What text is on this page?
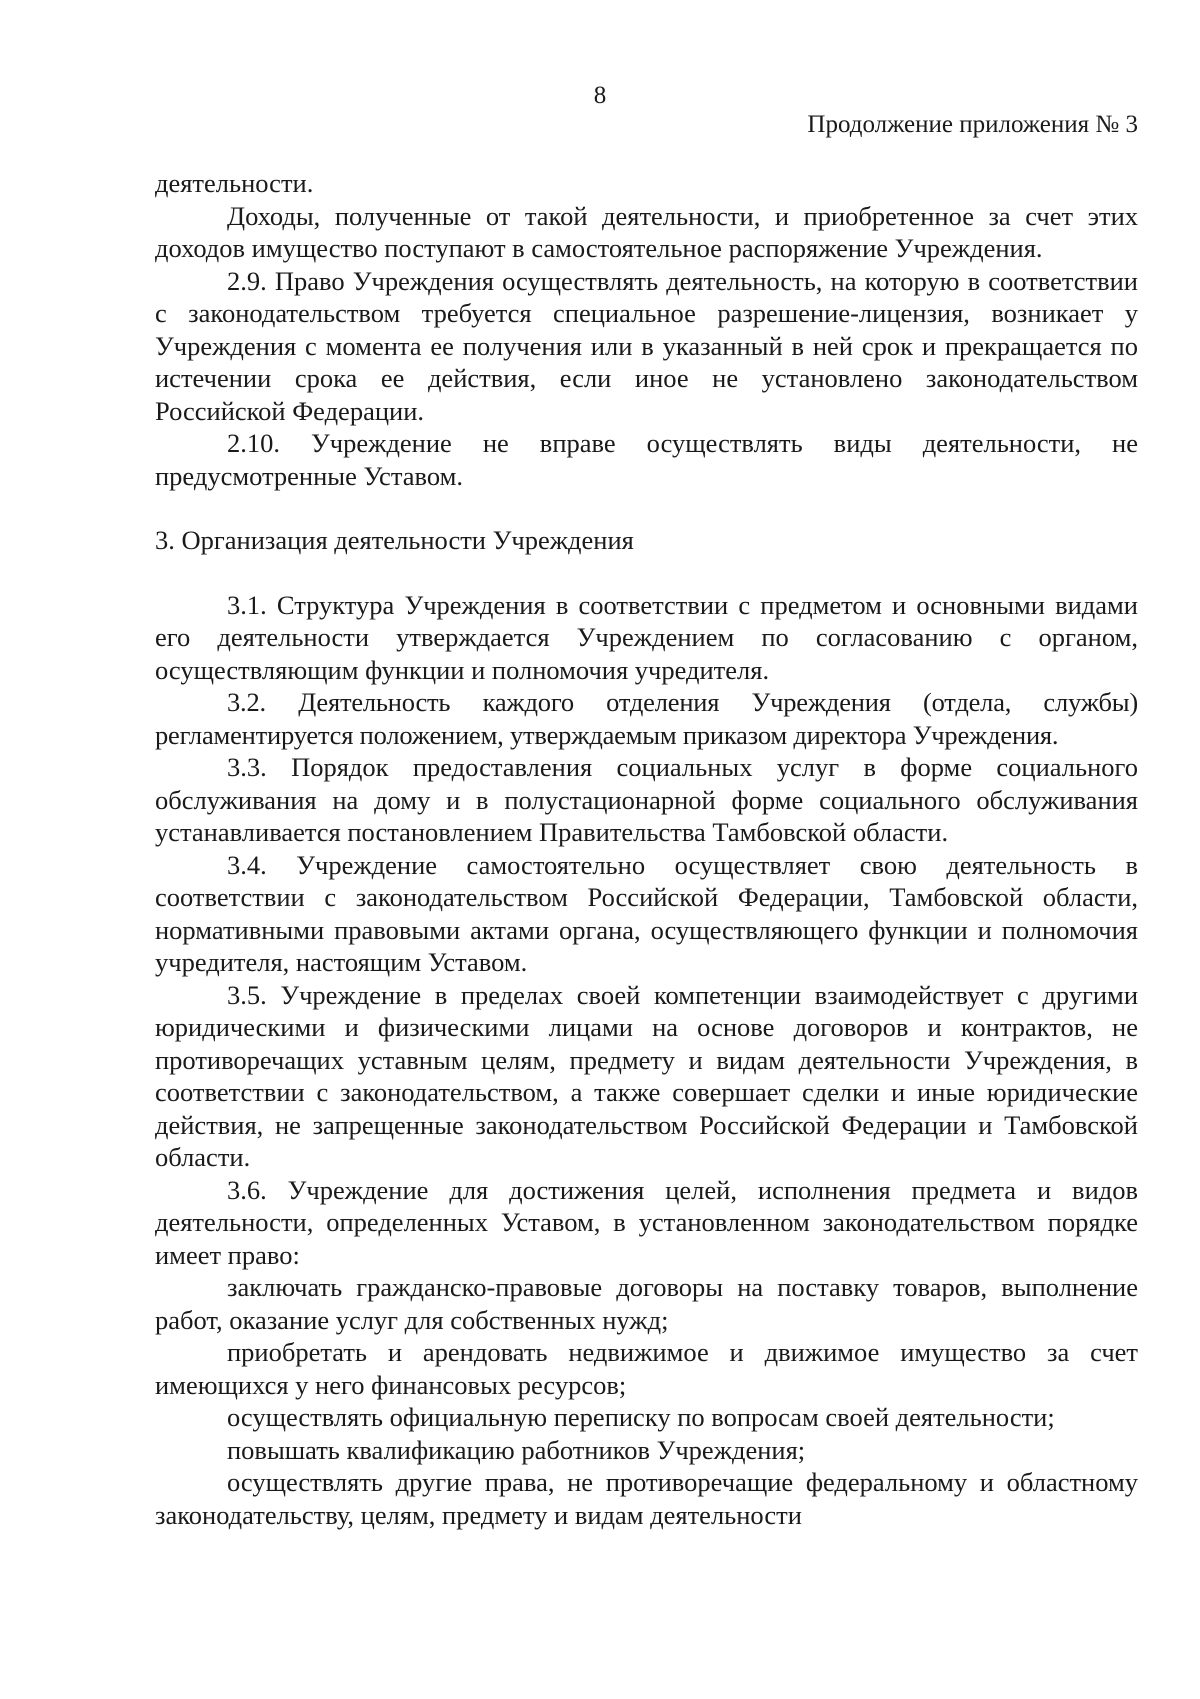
8
Продолжение приложения № 3

деятельности.

Доходы, полученные от такой деятельности, и приобретенное за счет этих доходов имущество поступают в самостоятельное распоряжение Учреждения.

2.9. Право Учреждения осуществлять деятельность, на которую в соответствии с законодательством требуется специальное разрешение-лицензия, возникает у Учреждения с момента ее получения или в указанный в ней срок и прекращается по истечении срока ее действия, если иное не установлено законодательством Российской Федерации.

2.10. Учреждение не вправе осуществлять виды деятельности, не предусмотренные Уставом.

3. Организация деятельности Учреждения

3.1. Структура Учреждения в соответствии с предметом и основными видами его деятельности утверждается Учреждением по согласованию с органом, осуществляющим функции и полномочия учредителя.

3.2. Деятельность каждого отделения Учреждения (отдела, службы) регламентируется положением, утверждаемым приказом директора Учреждения.

3.3. Порядок предоставления социальных услуг в форме социального обслуживания на дому и в полустационарной форме социального обслуживания устанавливается постановлением Правительства Тамбовской области.

3.4. Учреждение самостоятельно осуществляет свою деятельность в соответствии с законодательством Российской Федерации, Тамбовской области, нормативными правовыми актами органа, осуществляющего функции и полномочия учредителя, настоящим Уставом.

3.5. Учреждение в пределах своей компетенции взаимодействует с другими юридическими и физическими лицами на основе договоров и контрактов, не противоречащих уставным целям, предмету и видам деятельности Учреждения, в соответствии с законодательством, а также совершает сделки и иные юридические действия, не запрещенные законодательством Российской Федерации и Тамбовской области.

3.6. Учреждение для достижения целей, исполнения предмета и видов деятельности, определенных Уставом, в установленном законодательством порядке имеет право:

заключать гражданско-правовые договоры на поставку товаров, выполнение работ, оказание услуг для собственных нужд;

приобретать и арендовать недвижимое и движимое имущество за счет имеющихся у него финансовых ресурсов;

осуществлять официальную переписку по вопросам своей деятельности;

повышать квалификацию работников Учреждения;

осуществлять другие права, не противоречащие федеральному и областному законодательству, целям, предмету и видам деятельности
